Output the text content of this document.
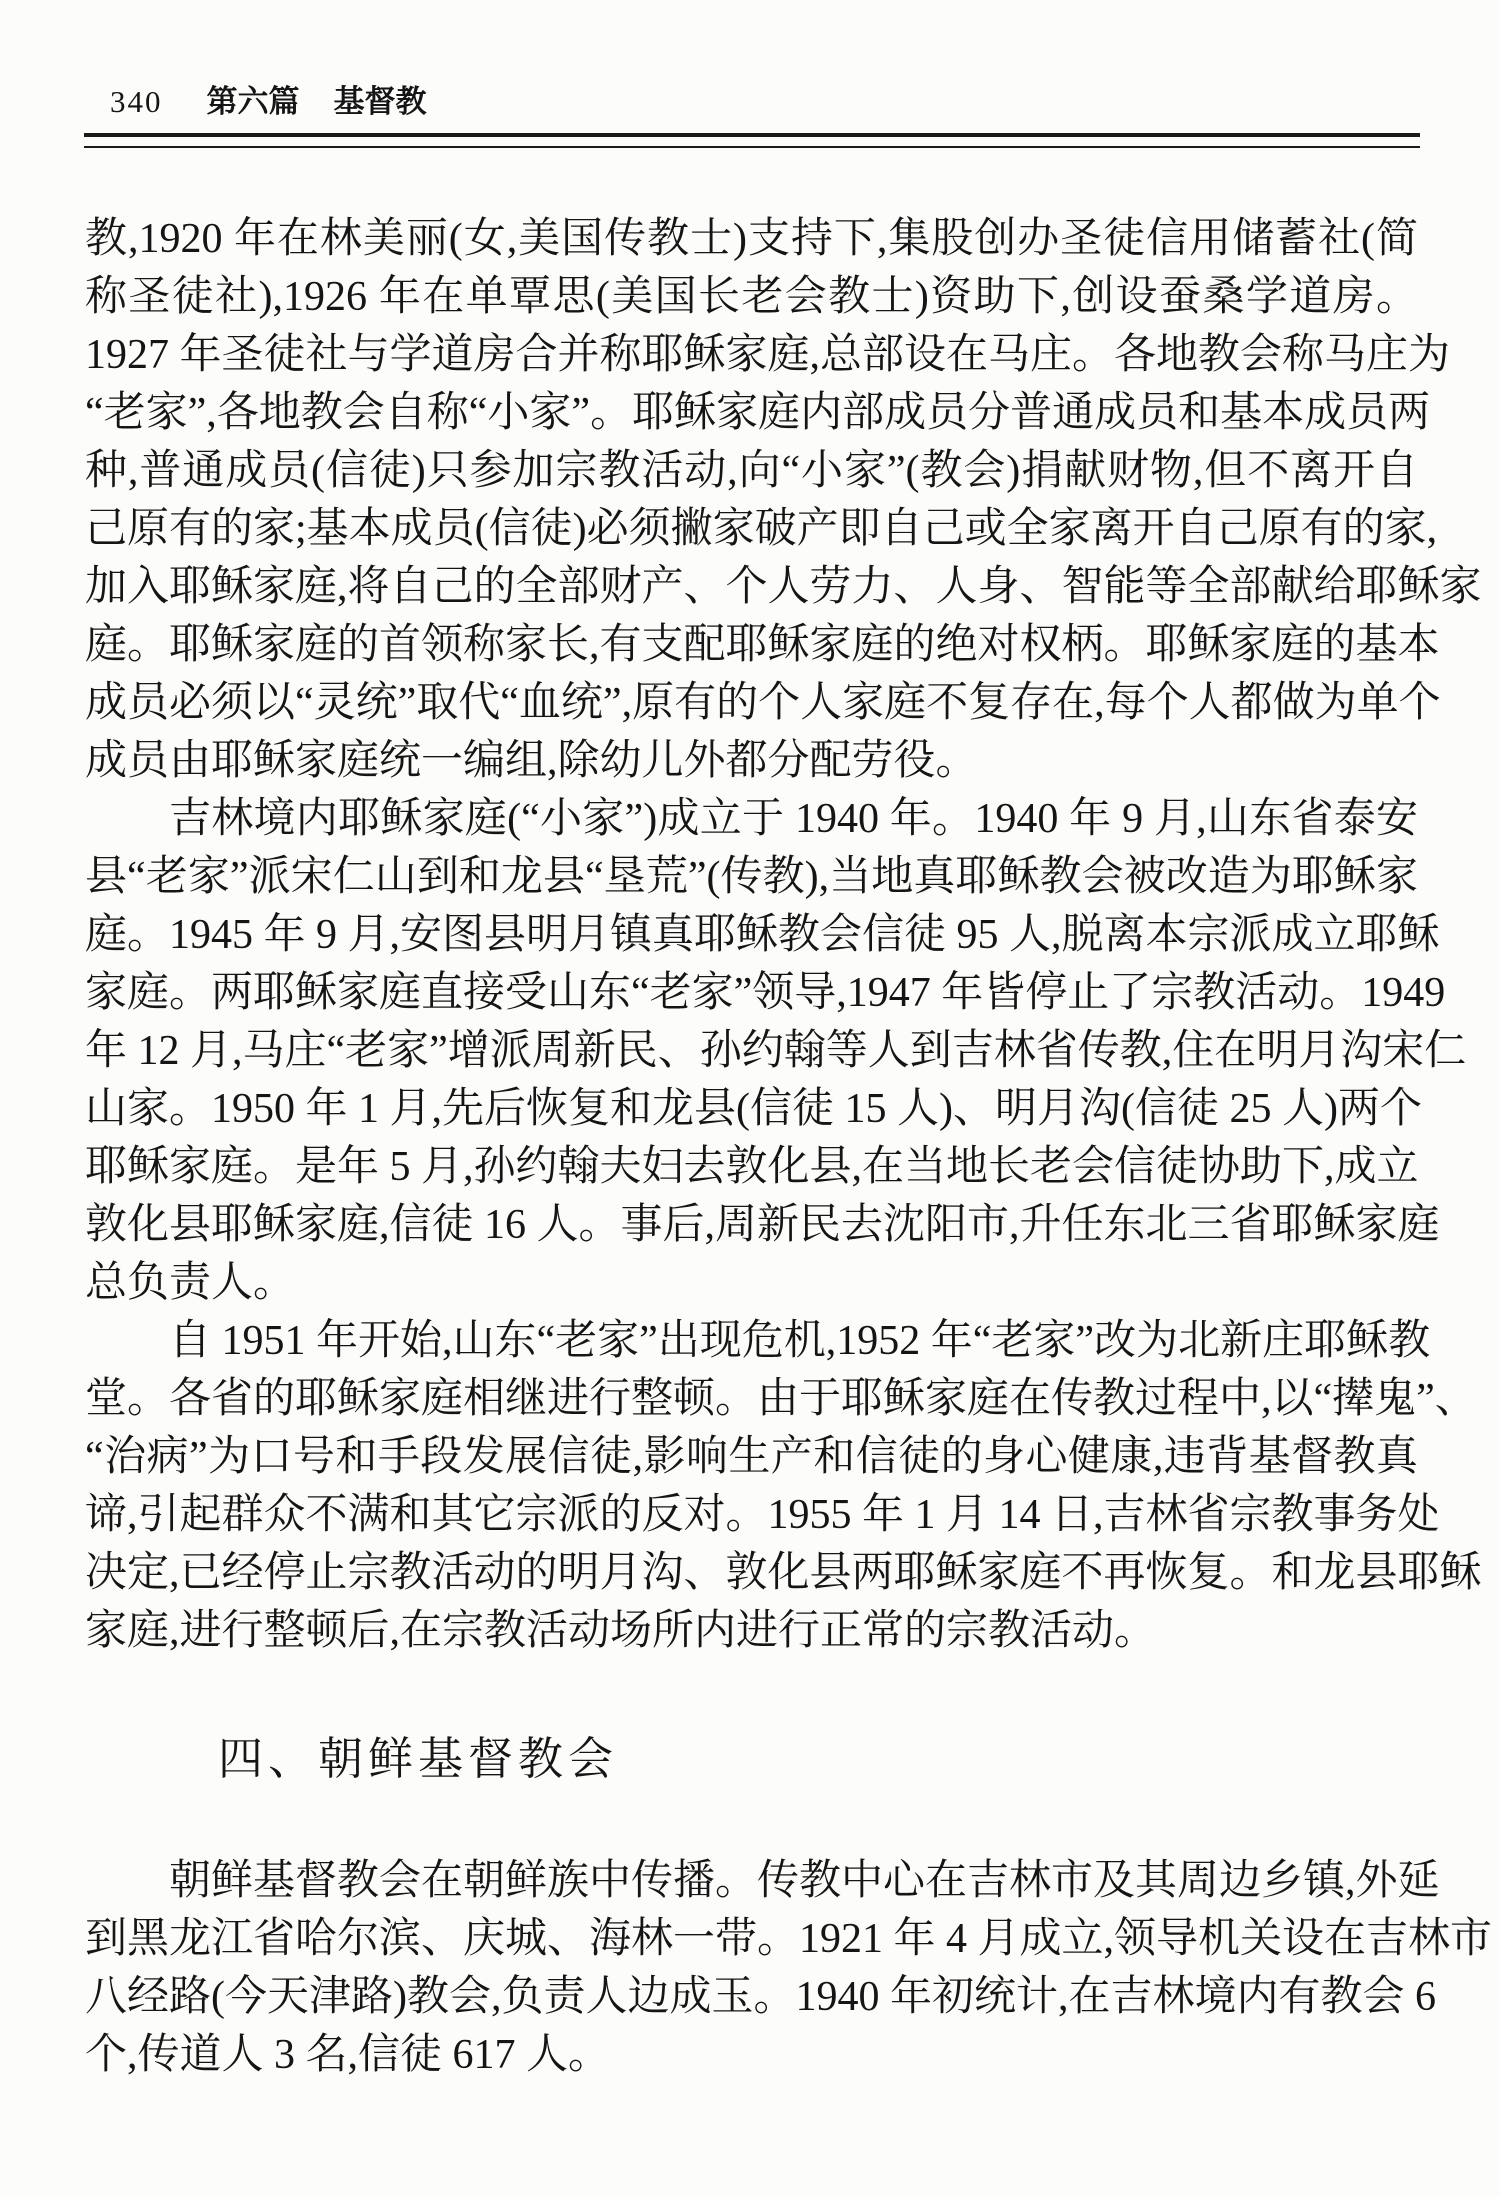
340 第六篇 基督教
教,1920 年在林美丽(女,美国传教士)支持下,集股创办圣徒信用储蓄社(简
称圣徒社),1926 年在单覃思(美国长老会教士)资助下,创设蚕桑学道房。
1927 年圣徒社与学道房合并称耶稣家庭,总部设在马庄。各地教会称马庄为
“老家”,各地教会自称“小家”。耶稣家庭内部成员分普通成员和基本成员两
种,普通成员(信徒)只参加宗教活动,向“小家”(教会)捐献财物,但不离开自
己原有的家;基本成员(信徒)必须撇家破产即自己或全家离开自己原有的家,
加入耶稣家庭,将自己的全部财产、个人劳力、人身、智能等全部献给耶稣家
庭。耶稣家庭的首领称家长,有支配耶稣家庭的绝对权柄。耶稣家庭的基本
成员必须以“灵统”取代“血统”,原有的个人家庭不复存在,每个人都做为单个
成员由耶稣家庭统一编组,除幼儿外都分配劳役。
吉林境内耶稣家庭(“小家”)成立于 1940 年。1940 年 9 月,山东省泰安
县“老家”派宋仁山到和龙县“垦荒”(传教),当地真耶稣教会被改造为耶稣家
庭。1945 年 9 月,安图县明月镇真耶稣教会信徒 95 人,脱离本宗派成立耶稣
家庭。两耶稣家庭直接受山东“老家”领导,1947 年皆停止了宗教活动。1949
年 12 月,马庄“老家”增派周新民、孙约翰等人到吉林省传教,住在明月沟宋仁
山家。1950 年 1 月,先后恢复和龙县(信徒 15 人)、明月沟(信徒 25 人)两个
耶稣家庭。是年 5 月,孙约翰夫妇去敦化县,在当地长老会信徒协助下,成立
敦化县耶稣家庭,信徒 16 人。事后,周新民去沈阳市,升任东北三省耶稣家庭
总负责人。
自 1951 年开始,山东“老家”出现危机,1952 年“老家”改为北新庄耶稣教
堂。各省的耶稣家庭相继进行整顿。由于耶稣家庭在传教过程中,以“撵鬼”、
“治病”为口号和手段发展信徒,影响生产和信徒的身心健康,违背基督教真
谛,引起群众不满和其它宗派的反对。1955 年 1 月 14 日,吉林省宗教事务处
决定,已经停止宗教活动的明月沟、敦化县两耶稣家庭不再恢复。和龙县耶稣
家庭,进行整顿后,在宗教活动场所内进行正常的宗教活动。
四、朝鲜基督教会
朝鲜基督教会在朝鲜族中传播。传教中心在吉林市及其周边乡镇,外延
到黑龙江省哈尔滨、庆城、海林一带。1921 年 4 月成立,领导机关设在吉林市
八经路(今天津路)教会,负责人边成玉。1940 年初统计,在吉林境内有教会 6
个,传道人 3 名,信徒 617 人。
